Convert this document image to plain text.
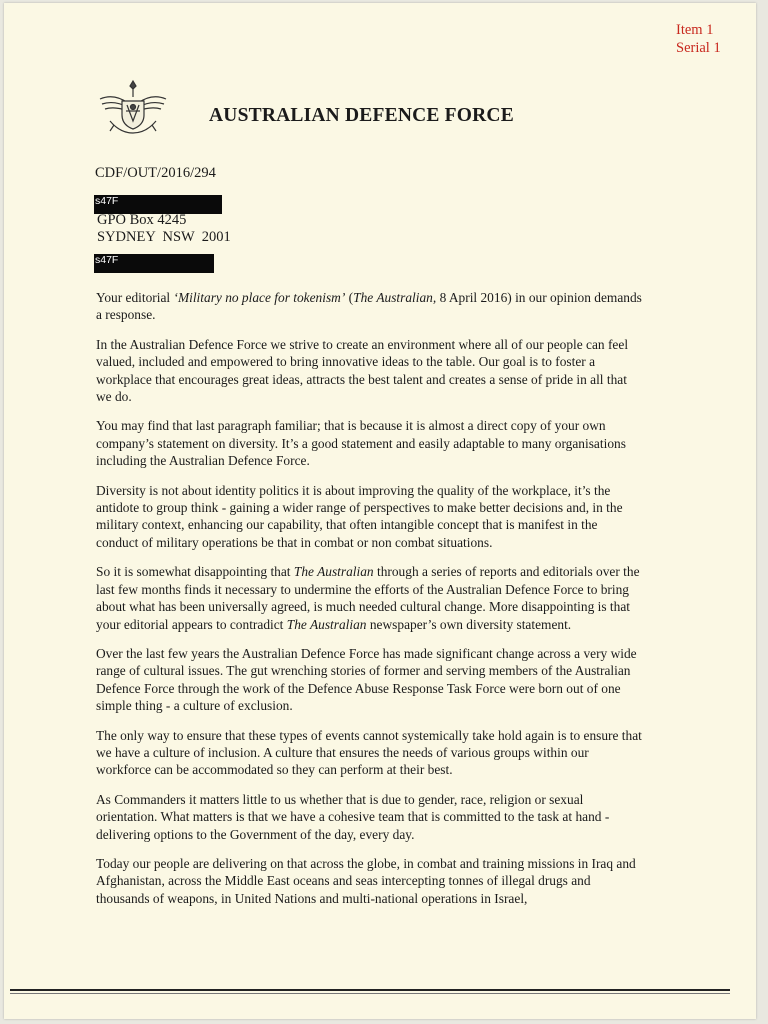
Item 1
Serial 1
AUSTRALIAN DEFENCE FORCE
CDF/OUT/2016/294
s47F
GPO Box 4245
SYDNEY  NSW  2001
s47F

Your editorial ‘Military no place for tokenism’ (The Australian, 8 April 2016) in our opinion demands a response.

In the Australian Defence Force we strive to create an environment where all of our people can feel valued, included and empowered to bring innovative ideas to the table. Our goal is to foster a workplace that encourages great ideas, attracts the best talent and creates a sense of pride in all that we do.

You may find that last paragraph familiar; that is because it is almost a direct copy of your own company’s statement on diversity. It’s a good statement and easily adaptable to many organisations including the Australian Defence Force.

Diversity is not about identity politics it is about improving the quality of the workplace, it’s the antidote to group think - gaining a wider range of perspectives to make better decisions and, in the military context, enhancing our capability, that often intangible concept that is manifest in the conduct of military operations be that in combat or non combat situations.

So it is somewhat disappointing that The Australian through a series of reports and editorials over the last few months finds it necessary to undermine the efforts of the Australian Defence Force to bring about what has been universally agreed, is much needed cultural change. More disappointing is that your editorial appears to contradict The Australian newspaper’s own diversity statement.

Over the last few years the Australian Defence Force has made significant change across a very wide range of cultural issues. The gut wrenching stories of former and serving members of the Australian Defence Force through the work of the Defence Abuse Response Task Force were born out of one simple thing - a culture of exclusion.

The only way to ensure that these types of events cannot systemically take hold again is to ensure that we have a culture of inclusion. A culture that ensures the needs of various groups within our workforce can be accommodated so they can perform at their best.

As Commanders it matters little to us whether that is due to gender, race, religion or sexual orientation. What matters is that we have a cohesive team that is committed to the task at hand - delivering options to the Government of the day, every day.

Today our people are delivering on that across the globe, in combat and training missions in Iraq and Afghanistan, across the Middle East oceans and seas intercepting tonnes of illegal drugs and thousands of weapons, in United Nations and multi-national operations in Israel,
